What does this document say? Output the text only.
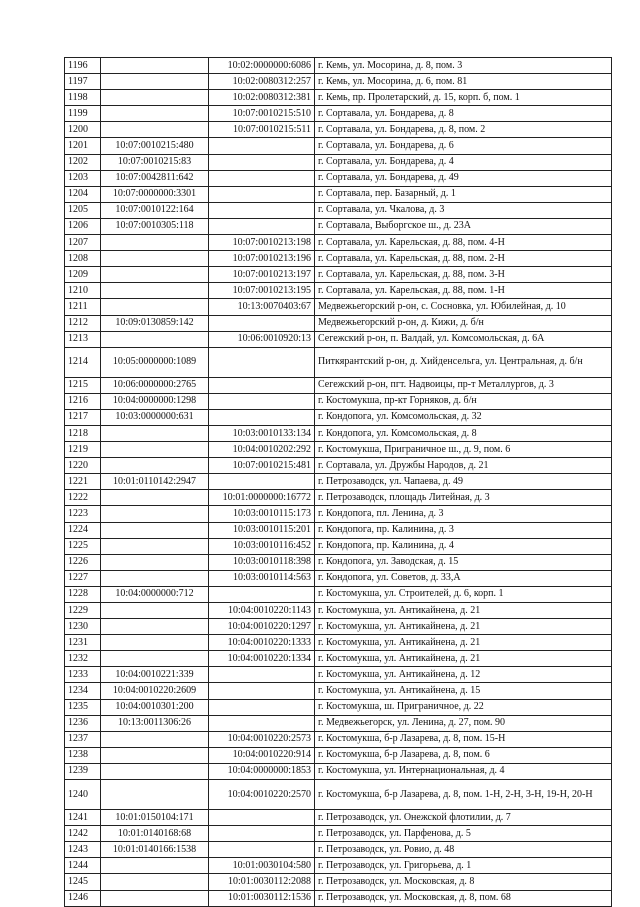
1196		10:02:0000000:6086	г. Кемь, ул. Мосорина, д. 8, пом. 3
1197		10:02:0080312:257	г. Кемь, ул. Мосорина, д. 6, пом. 81
1198		10:02:0080312:381	г. Кемь, пр. Пролетарский, д. 15, корп. б, пом. 1
1199		10:07:0010215:510	г. Сортавала, ул. Бондарева, д. 8
1200		10:07:0010215:511	г. Сортавала, ул. Бондарева, д. 8, пом. 2
1201	10:07:0010215:480		г. Сортавала, ул. Бондарева, д. 6
1202	10:07:0010215:83		г. Сортавала, ул. Бондарева, д. 4
1203	10:07:0042811:642		г. Сортавала, ул. Бондарева, д. 49
1204	10:07:0000000:3301		г. Сортавала, пер. Базарный, д. 1
1205	10:07:0010122:164		г. Сортавала, ул. Чкалова, д. 3
1206	10:07:0010305:118		г. Сортавала, Выборгское ш., д. 23А
1207		10:07:0010213:198	г. Сортавала, ул. Карельская, д. 88, пом. 4-Н
1208		10:07:0010213:196	г. Сортавала, ул. Карельская, д. 88, пом. 2-Н
1209		10:07:0010213:197	г. Сортавала, ул. Карельская, д. 88, пом. 3-Н
1210		10:07:0010213:195	г. Сортавала, ул. Карельская, д. 88, пом. 1-Н
1211		10:13:0070403:67	Медвежьегорский р-он, с. Сосновка, ул. Юбилейная, д. 10
1212	10:09:0130859:142		Медвежьегорский р-он, д. Кижи, д. б/н
1213		10:06:0010920:13	Сегежский р-он, п. Валдай, ул. Комсомольская, д. 6А
1214	10:05:0000000:1089		Питкярантский р-он, д. Хийденсельга, ул. Центральная, д. б/н
1215	10:06:0000000:2765		Сегежский р-он, пгт. Надвоицы, пр-т Металлургов, д. 3
1216	10:04:0000000:1298		г. Костомукша, пр-кт Горняков, д. б/н
1217	10:03:0000000:631		г. Кондопога, ул. Комсомольская, д. 32
1218		10:03:0010133:134	г. Кондопога, ул. Комсомольская, д. 8
1219		10:04:0010202:292	г. Костомукша, Приграничное ш., д. 9, пом. 6
1220		10:07:0010215:481	г. Сортавала, ул. Дружбы Народов, д. 21
1221	10:01:0110142:2947		г. Петрозаводск, ул. Чапаева, д. 49
1222		10:01:0000000:16772	г. Петрозаводск, площадь Литейная, д. 3
1223		10:03:0010115:173	г. Кондопога, пл. Ленина, д. 3
1224		10:03:0010115:201	г. Кондопога, пр. Калинина, д. 3
1225		10:03:0010116:452	г. Кондопога, пр. Калинина, д. 4
1226		10:03:0010118:398	г. Кондопога, ул. Заводская, д. 15
1227		10:03:0010114:563	г. Кондопога, ул. Советов, д. 33,А
1228	10:04:0000000:712		г. Костомукша, ул. Строителей, д. 6, корп. 1
1229		10:04:0010220:1143	г. Костомукша, ул. Антикайнена, д. 21
1230		10:04:0010220:1297	г. Костомукша, ул. Антикайнена, д. 21
1231		10:04:0010220:1333	г. Костомукша, ул. Антикайнена, д. 21
1232		10:04:0010220:1334	г. Костомукша, ул. Антикайнена, д. 21
1233	10:04:0010221:339		г. Костомукша, ул. Антикайнена, д. 12
1234	10:04:0010220:2609		г. Костомукша, ул. Антикайнена, д. 15
1235	10:04:0010301:200		г. Костомукша, ш. Приграничное, д. 22
1236	10:13:0011306:26		г. Медвежьегорск, ул. Ленина, д. 27, пом. 90
1237		10:04:0010220:2573	г. Костомукша, б-р Лазарева, д. 8, пом. 15-Н
1238		10:04:0010220:914	г. Костомукша, б-р Лазарева, д. 8, пом. 6
1239		10:04:0000000:1853	г. Костомукша, ул. Интернациональная, д. 4
1240		10:04:0010220:2570	г. Костомукша, б-р Лазарева, д. 8, пом. 1-Н, 2-Н, 3-Н, 19-Н, 20-Н
1241	10:01:0150104:171		г. Петрозаводск, ул. Онежской флотилии, д. 7
1242	10:01:0140168:68		г. Петрозаводск, ул. Парфенова, д. 5
1243	10:01:0140166:1538		г. Петрозаводск, ул. Ровио, д. 48
1244		10:01:0030104:580	г. Петрозаводск, ул. Григорьева, д. 1
1245		10:01:0030112:2088	г. Петрозаводск, ул. Московская, д. 8
1246		10:01:0030112:1536	г. Петрозаводск, ул. Московская, д. 8, пом. 68
